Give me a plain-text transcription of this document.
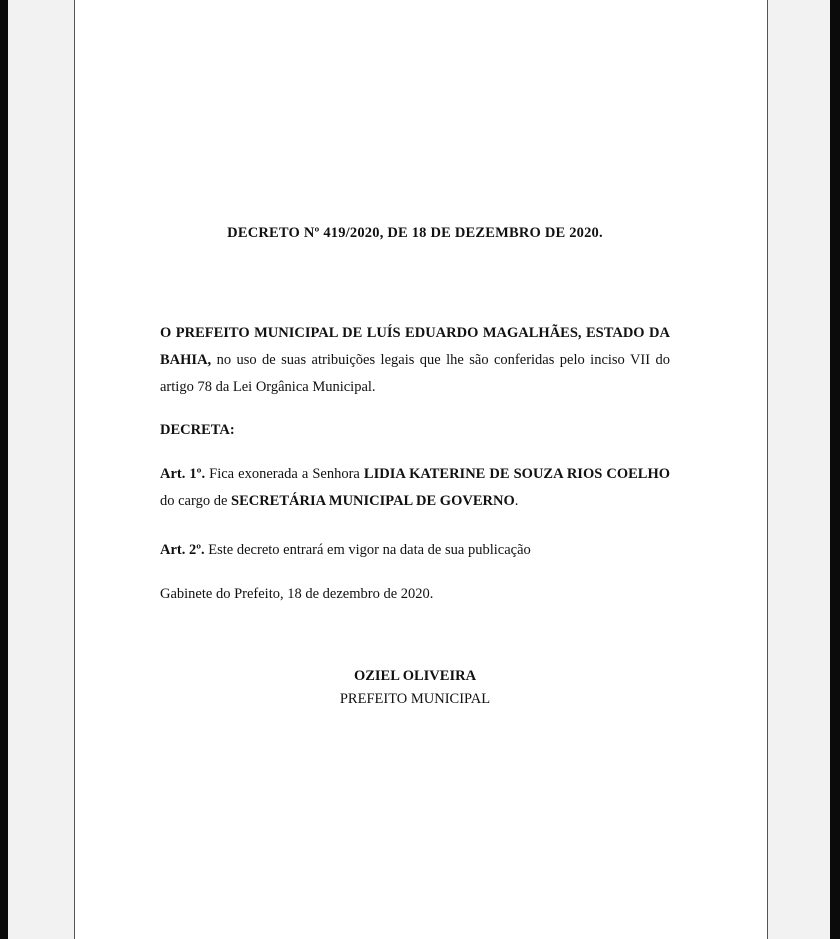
DECRETO Nº 419/2020, DE 18 DE DEZEMBRO DE 2020.

O PREFEITO MUNICIPAL DE LUÍS EDUARDO MAGALHÃES, ESTADO DA BAHIA, no uso de suas atribuições legais que lhe são conferidas pelo inciso VII do artigo 78 da Lei Orgânica Municipal.

DECRETA:

Art. 1º. Fica exonerada a Senhora LIDIA KATERINE DE SOUZA RIOS COELHO do cargo de SECRETÁRIA MUNICIPAL DE GOVERNO.

Art. 2º. Este decreto entrará em vigor na data de sua publicação

Gabinete do Prefeito, 18 de dezembro de 2020.

OZIEL OLIVEIRA
PREFEITO MUNICIPAL
